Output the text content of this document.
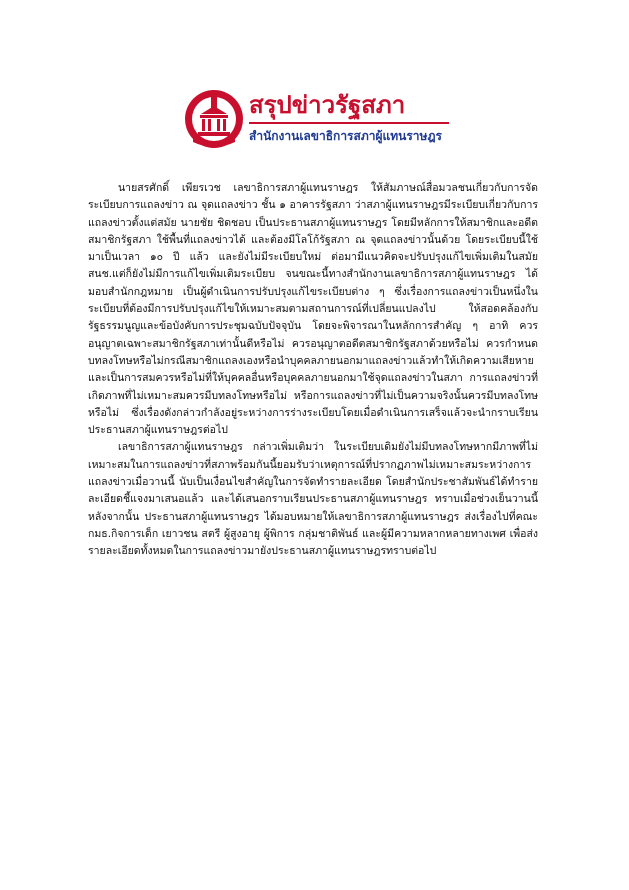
สรุปข่าวรัฐสภา
สำนักงานเลขาธิการสภาผู้แทนราษฎร

นายสรศักดิ์ เพียรเวช เลขาธิการสภาผู้แทนราษฎร ให้สัมภาษณ์สื่อมวลชนเกี่ยวกับการจัดระเบียบการแถลงข่าว ณ จุดแถลงข่าว ชั้น ๑ อาคารรัฐสภา ว่าสภาผู้แทนราษฎรมีระเบียบเกี่ยวกับการแถลงข่าวตั้งแต่สมัย นายชัย ชิดชอบ เป็นประธานสภาผู้แทนราษฎร โดยมีหลักการให้สมาชิกและอดีตสมาชิกรัฐสภา ใช้พื้นที่แถลงข่าวได้ และต้องมีโลโก้รัฐสภา ณ จุดแถลงข่าวนั้นด้วย โดยระเบียบนี้ใช้มาเป็นเวลา ๑๐ ปี แล้ว และยังไม่มีระเบียบใหม่ ต่อมามีแนวคิดจะปรับปรุงแก้ไขเพิ่มเติมในสมัย สนช.แต่ก็ยังไม่มีการแก้ไขเพิ่มเติมระเบียบ จนขณะนี้ทางสำนักงานเลขาธิการสภาผู้แทนราษฎร ได้มอบสำนักกฎหมาย เป็นผู้ดำเนินการปรับปรุงแก้ไขระเบียบต่าง ๆ ซึ่งเรื่องการแถลงข่าวเป็นหนึ่งในระเบียบที่ต้องมีการปรับปรุงแก้ไขให้เหมาะสมตามสถานการณ์ที่เปลี่ยนแปลงไป ให้สอดคล้องกับรัฐธรรมนูญและข้อบังคับการประชุมฉบับปัจจุบัน โดยจะพิจารณาในหลักการสำคัญ ๆ อาทิ ควรอนุญาตเฉพาะสมาชิกรัฐสภาเท่านั้นดีหรือไม่ ควรอนุญาตอดีตสมาชิกรัฐสภาด้วยหรือไม่ ควรกำหนดบทลงโทษหรือไม่กรณีสมาชิกแถลงเองหรือนำบุคคลภายนอกมาแถลงข่าวแล้วทำให้เกิดความเสียหาย และเป็นการสมควรหรือไม่ที่ให้บุคคลอื่นหรือบุคคลภายนอกมาใช้จุดแถลงข่าวในสภา การแถลงข่าวที่เกิดภาพที่ไม่เหมาะสมควรมีบทลงโทษหรือไม่ หรือการแถลงข่าวที่ไม่เป็นความจริงนั้นควรมีบทลงโทษหรือไม่ ซึ่งเรื่องดังกล่าวกำลังอยู่ระหว่างการร่างระเบียบโดยเมื่อดำเนินการเสร็จแล้วจะนำกราบเรียนประธานสภาผู้แทนราษฎรต่อไป

เลขาธิการสภาผู้แทนราษฎร กล่าวเพิ่มเติมว่า ในระเบียบเดิมยังไม่มีบทลงโทษหากมีภาพที่ไม่เหมาะสมในการแถลงข่าวที่สภาพร้อมกันนี้ยอมรับว่าเหตุการณ์ที่ปรากฏภาพไม่เหมาะสมระหว่างการแถลงข่าวเมื่อวานนี้ นับเป็นเงื่อนไขสำคัญในการจัดทำรายละเอียด โดยสำนักประชาสัมพันธ์ได้ทำรายละเอียดชี้แจงมาเสนอแล้ว และได้เสนอกราบเรียนประธานสภาผู้แทนราษฎร ทราบเมื่อช่วงเย็นวานนี้ หลังจากนั้น ประธานสภาผู้แทนราษฎร ได้มอบหมายให้เลขาธิการสภาผู้แทนราษฎร ส่งเรื่องไปที่คณะ กมธ.กิจการเด็ก เยาวชน สตรี ผู้สูงอายุ ผู้พิการ กลุ่มชาติพันธ์ และผู้มีความหลากหลายทางเพศ เพื่อส่งรายละเอียดทั้งหมดในการแถลงข่าวมายังประธานสภาผู้แทนราษฎรทราบต่อไป
